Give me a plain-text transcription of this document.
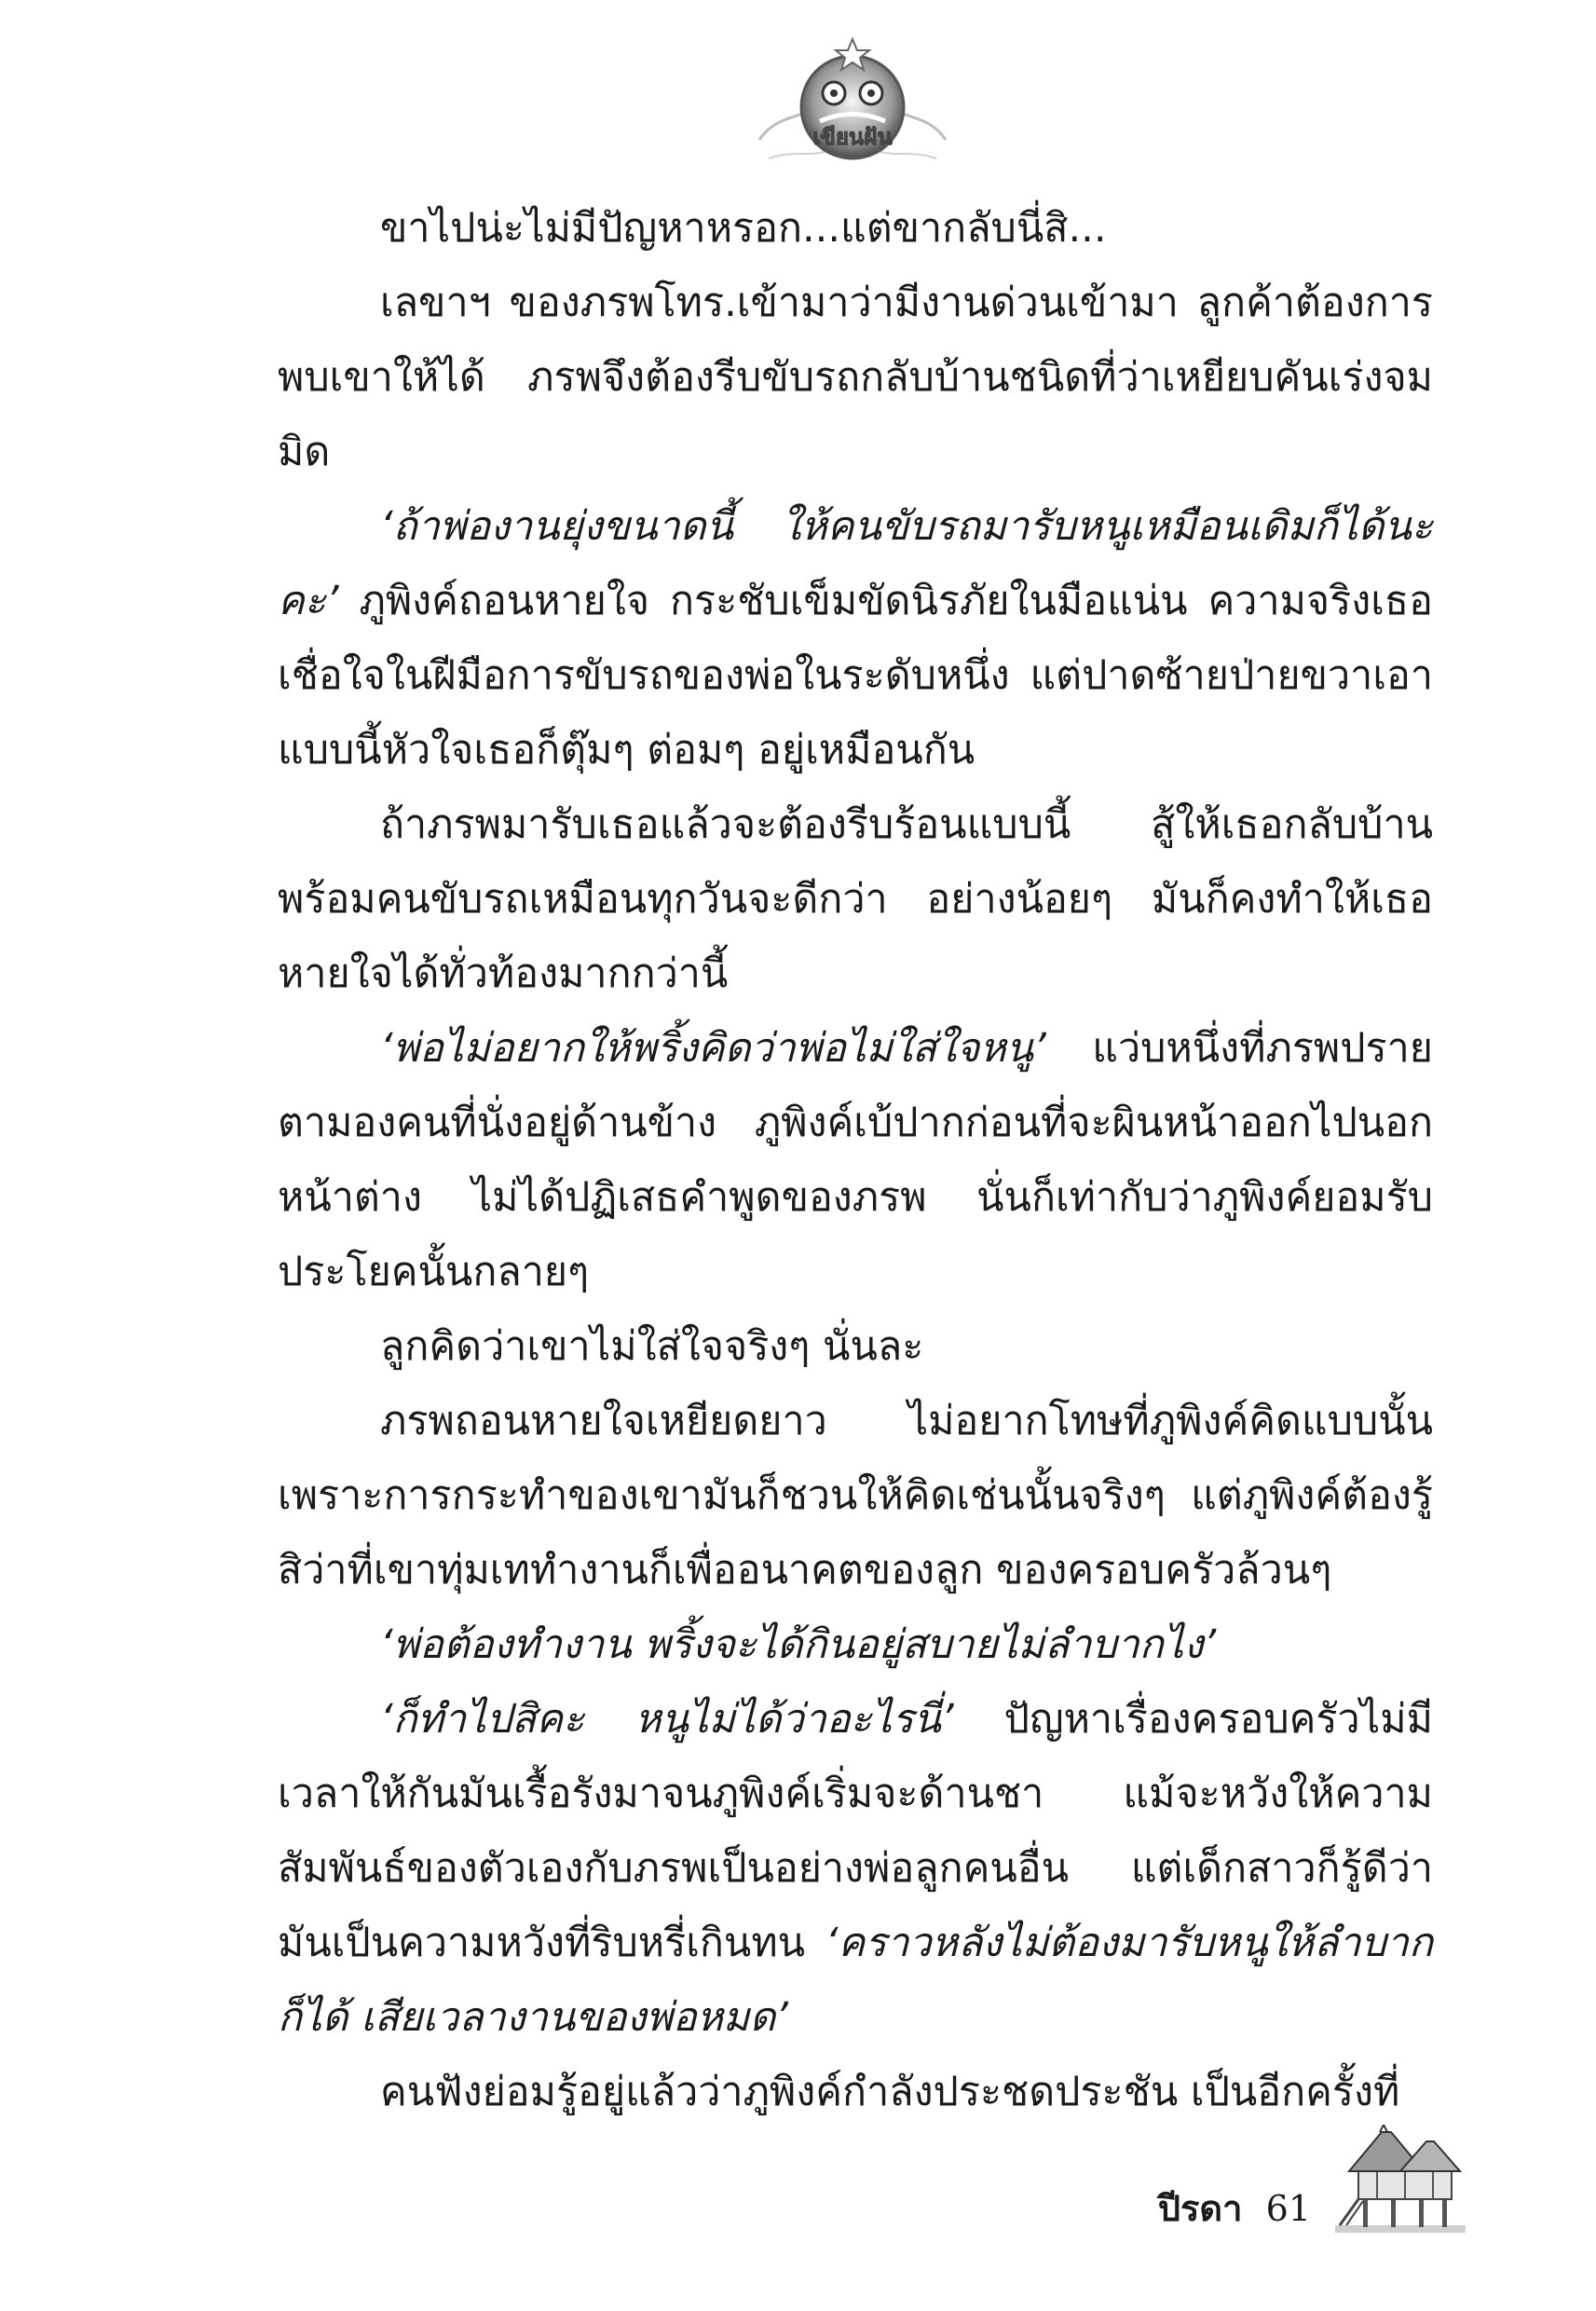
เขียนฝัน

ขาไปน่ะไม่มีปัญหาหรอก...แต่ขากลับนี่สิ...

เลขาฯ ของภรพโทร.เข้ามาว่ามีงานด่วนเข้ามา ลูกค้าต้องการพบเขาให้ได้ ภรพจึงต้องรีบขับรถกลับบ้านชนิดที่ว่าเหยียบคันเร่งจมมิด

‘ถ้าพ่องานยุ่งขนาดนี้ ให้คนขับรถมารับหนูเหมือนเดิมก็ได้นะคะ’ ภูพิงค์ถอนหายใจ กระชับเข็มขัดนิรภัยในมือแน่น ความจริงเธอเชื่อใจในฝีมือการขับรถของพ่อในระดับหนึ่ง แต่ปาดซ้ายป่ายขวาเอาแบบนี้หัวใจเธอก็ตุ๊มๆ ต่อมๆ อยู่เหมือนกัน

ถ้าภรพมารับเธอแล้วจะต้องรีบร้อนแบบนี้ สู้ให้เธอกลับบ้านพร้อมคนขับรถเหมือนทุกวันจะดีกว่า อย่างน้อยๆ มันก็คงทำให้เธอหายใจได้ทั่วท้องมากกว่านี้

‘พ่อไม่อยากให้พริ้งคิดว่าพ่อไม่ใส่ใจหนู’ แว่บหนึ่งที่ภรพปรายตามองคนที่นั่งอยู่ด้านข้าง ภูพิงค์เบ้ปากก่อนที่จะผินหน้าออกไปนอกหน้าต่าง ไม่ได้ปฏิเสธคำพูดของภรพ นั่นก็เท่ากับว่าภูพิงค์ยอมรับประโยคนั้นกลายๆ

ลูกคิดว่าเขาไม่ใส่ใจจริงๆ นั่นละ

ภรพถอนหายใจเหยียดยาว ไม่อยากโทษที่ภูพิงค์คิดแบบนั้นเพราะการกระทำของเขามันก็ชวนให้คิดเช่นนั้นจริงๆ แต่ภูพิงค์ต้องรู้สิว่าที่เขาทุ่มเททำงานก็เพื่ออนาคตของลูก ของครอบครัวล้วนๆ

‘พ่อต้องทำงาน พริ้งจะได้กินอยู่สบายไม่ลำบากไง’

‘ก็ทำไปสิคะ หนูไม่ได้ว่าอะไรนี่’ ปัญหาเรื่องครอบครัวไม่มีเวลาให้กันมันเรื้อรังมาจนภูพิงค์เริ่มจะด้านชา แม้จะหวังให้ความสัมพันธ์ของตัวเองกับภรพเป็นอย่างพ่อลูกคนอื่น แต่เด็กสาวก็รู้ดีว่ามันเป็นความหวังที่ริบหรี่เกินทน ‘คราวหลังไม่ต้องมารับหนูให้ลำบากก็ได้ เสียเวลางานของพ่อหมด’

คนฟังย่อมรู้อยู่แล้วว่าภูพิงค์กำลังประชดประชัน เป็นอีกครั้งที่

ปีรดา 61
